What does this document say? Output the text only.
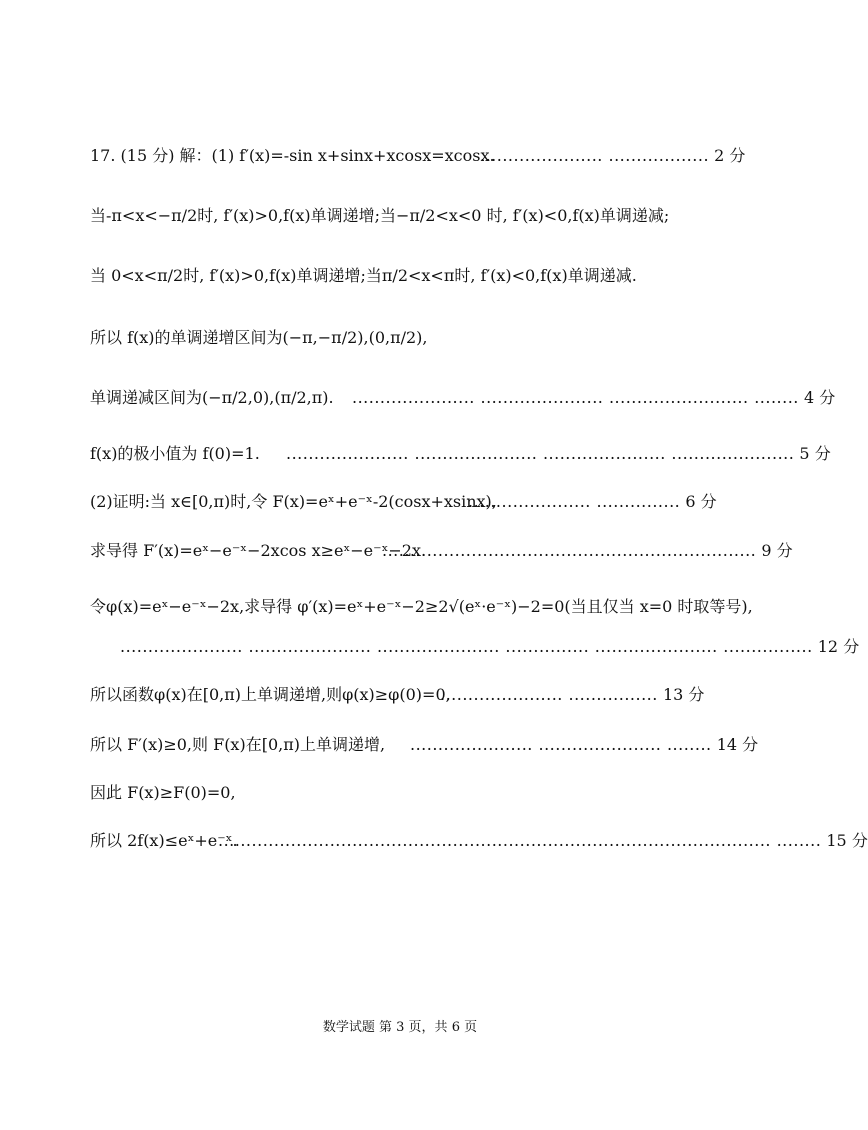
17. (15 分) 解：(1) f′(x)=-sin x+sinx+xcosx=xcosx.
...................... .................. 2 分
当-π<x<−π/2时, f′(x)>0,f(x)单调递增;当−π/2<x<0 时, f′(x)<0,f(x)单调递减;
当 0<x<π/2时, f′(x)>0,f(x)单调递增;当π/2<x<π时, f′(x)<0,f(x)单调递减.
所以 f(x)的单调递增区间为(−π,−π/2),(0,π/2),
单调递减区间为(−π/2,0),(π/2,π). ...................... ...................... ......................... ........ 4 分
f(x)的极小值为 f(0)=1. ...................... ...................... ...................... ...................... 5 分
(2)证明:当 x∈[0,π)时,令 F(x)=eˣ+e⁻ˣ-2(cosx+xsinx),
...................... ............... 6 分
求导得 F′(x)=eˣ−e⁻ˣ−2xcos x≥eˣ−e⁻ˣ−2x.
................................................................... 9 分
令φ(x)=eˣ−e⁻ˣ−2x,求导得 φ′(x)=eˣ+e⁻ˣ−2≥2√(eˣ·e⁻ˣ)−2=0(当且仅当 x=0 时取等号),
...................... ...................... ...................... ............... ...................... ................ 12 分
所以函数φ(x)在[0,π)上单调递增,则φ(x)≥φ(0)=0,
...................... ................ 13 分
所以 F′(x)≥0,则 F(x)在[0,π)上单调递增, ...................... ...................... ........ 14 分
因此 F(x)≥F(0)=0,
所以 2f(x)≤eˣ+e⁻ˣ.
................................................................................................... ........ 15 分
数学试题 第 3 页，共 6 页
